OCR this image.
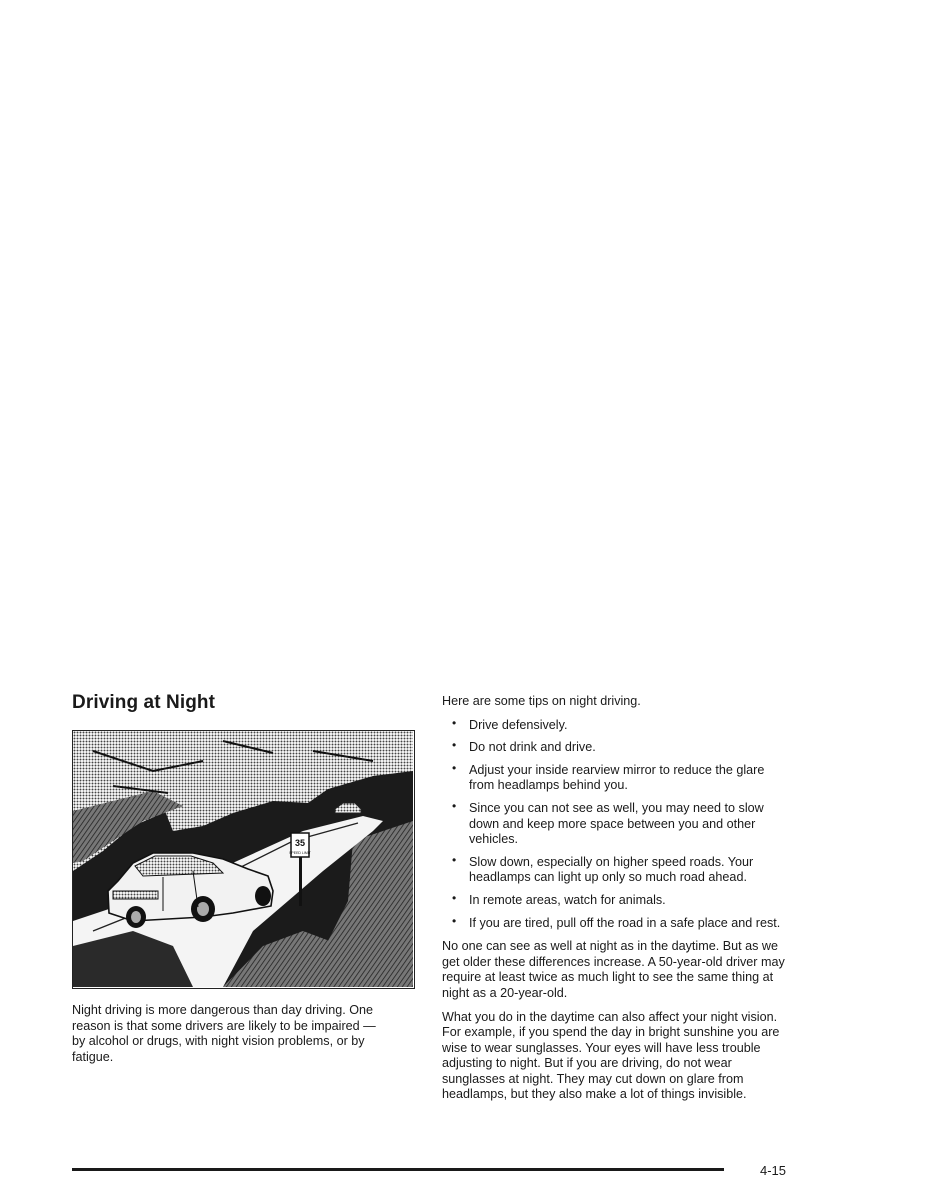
Driving at Night
35
SPEED LIMIT

Night driving is more dangerous than day driving. One reason is that some drivers are likely to be impaired — by alcohol or drugs, with night vision problems, or by fatigue.

Here are some tips on night driving.

• Drive defensively.
• Do not drink and drive.
• Adjust your inside rearview mirror to reduce the glare from headlamps behind you.
• Since you can not see as well, you may need to slow down and keep more space between you and other vehicles.
• Slow down, especially on higher speed roads. Your headlamps can light up only so much road ahead.
• In remote areas, watch for animals.
• If you are tired, pull off the road in a safe place and rest.

No one can see as well at night as in the daytime. But as we get older these differences increase. A 50-year-old driver may require at least twice as much light to see the same thing at night as a 20-year-old.

What you do in the daytime can also affect your night vision. For example, if you spend the day in bright sunshine you are wise to wear sunglasses. Your eyes will have less trouble adjusting to night. But if you are driving, do not wear sunglasses at night. They may cut down on glare from headlamps, but they also make a lot of things invisible.

4-15
